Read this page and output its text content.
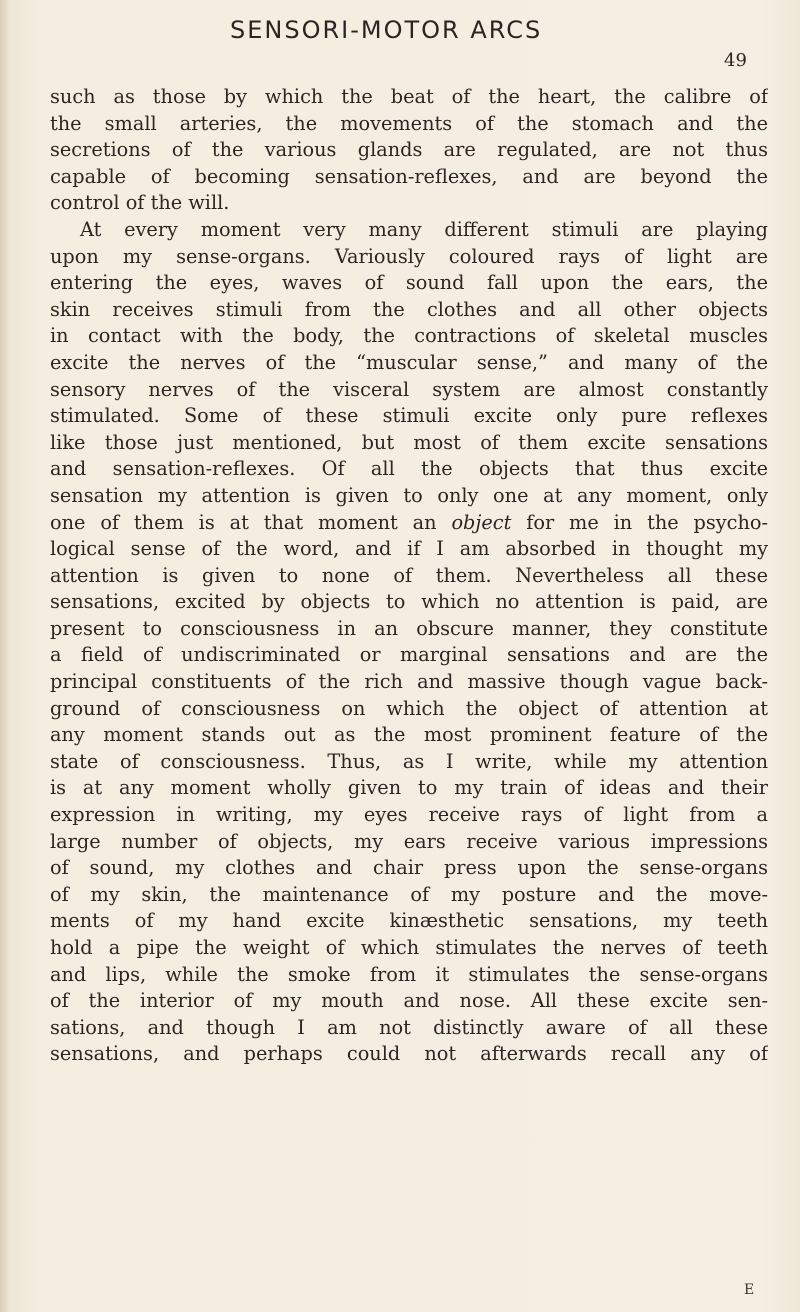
SENSORI-MOTOR ARCS
49
such as those by which the beat of the heart, the calibre of
the small arteries, the movements of the stomach and the
secretions of the various glands are regulated, are not thus
capable of becoming sensation-reflexes, and are beyond the
control of the will.
At every moment very many different stimuli are playing
upon my sense-organs. Variously coloured rays of light are
entering the eyes, waves of sound fall upon the ears, the
skin receives stimuli from the clothes and all other objects
in contact with the body, the contractions of skeletal muscles
excite the nerves of the “muscular sense,” and many of the
sensory nerves of the visceral system are almost constantly
stimulated. Some of these stimuli excite only pure reflexes
like those just mentioned, but most of them excite sensations
and sensation-reflexes. Of all the objects that thus excite
sensation my attention is given to only one at any moment, only
one of them is at that moment an object for me in the psycho-
logical sense of the word, and if I am absorbed in thought my
attention is given to none of them. Nevertheless all these
sensations, excited by objects to which no attention is paid, are
present to consciousness in an obscure manner, they constitute
a field of undiscriminated or marginal sensations and are the
principal constituents of the rich and massive though vague back-
ground of consciousness on which the object of attention at
any moment stands out as the most prominent feature of the
state of consciousness. Thus, as I write, while my attention
is at any moment wholly given to my train of ideas and their
expression in writing, my eyes receive rays of light from a
large number of objects, my ears receive various impressions
of sound, my clothes and chair press upon the sense-organs
of my skin, the maintenance of my posture and the move-
ments of my hand excite kinæsthetic sensations, my teeth
hold a pipe the weight of which stimulates the nerves of teeth
and lips, while the smoke from it stimulates the sense-organs
of the interior of my mouth and nose. All these excite sen-
sations, and though I am not distinctly aware of all these
sensations, and perhaps could not afterwards recall any of
E
